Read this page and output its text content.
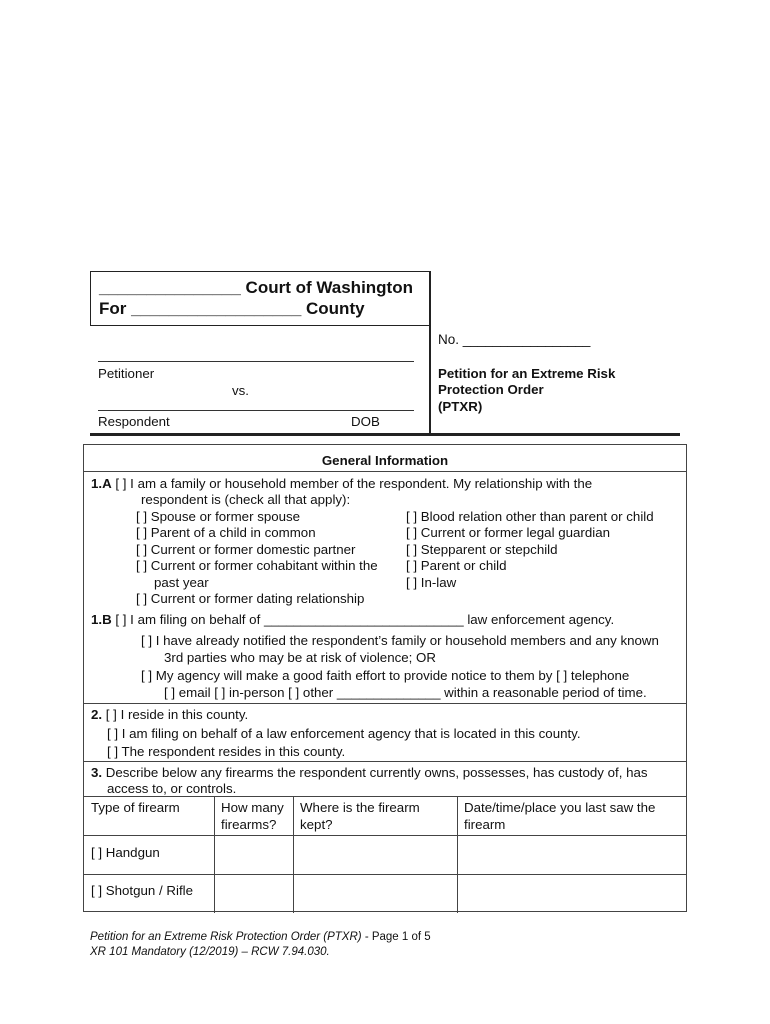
_______________ Court of Washington
For __________________ County
No. _________________
Petitioner
vs.
Respondent	DOB
Petition for an Extreme Risk
Protection Order
(PTXR)
General Information
1.A [ ] I am a family or household member of the respondent. My relationship with the
respondent is (check all that apply):
[ ] Spouse or former spouse
[ ] Parent of a child in common
[ ] Current or former domestic partner
[ ] Current or former cohabitant within the
past year
[ ] Current or former dating relationship
[ ] Blood relation other than parent or child
[ ] Current or former legal guardian
[ ] Stepparent or stepchild
[ ] Parent or child
[ ] In-law
1.B [ ] I am filing on behalf of ___________________________ law enforcement agency.
[ ] I have already notified the respondent’s family or household members and any known
3rd parties who may be at risk of violence; OR
[ ] My agency will make a good faith effort to provide notice to them by [ ] telephone
[ ] email [ ] in-person [ ] other ______________ within a reasonable period of time.
2. [ ] I reside in this county.
[ ] I am filing on behalf of a law enforcement agency that is located in this county.
[ ] The respondent resides in this county.
3. Describe below any firearms the respondent currently owns, possesses, has custody of, has
access to, or controls.
Type of firearm	How many
firearms?
Where is the firearm
kept?
Date/time/place you last saw the
firearm
[ ] Handgun
[ ] Shotgun / Rifle
Petition for an Extreme Risk Protection Order (PTXR) - Page 1 of 5
XR 101 Mandatory (12/2019) – RCW 7.94.030.
